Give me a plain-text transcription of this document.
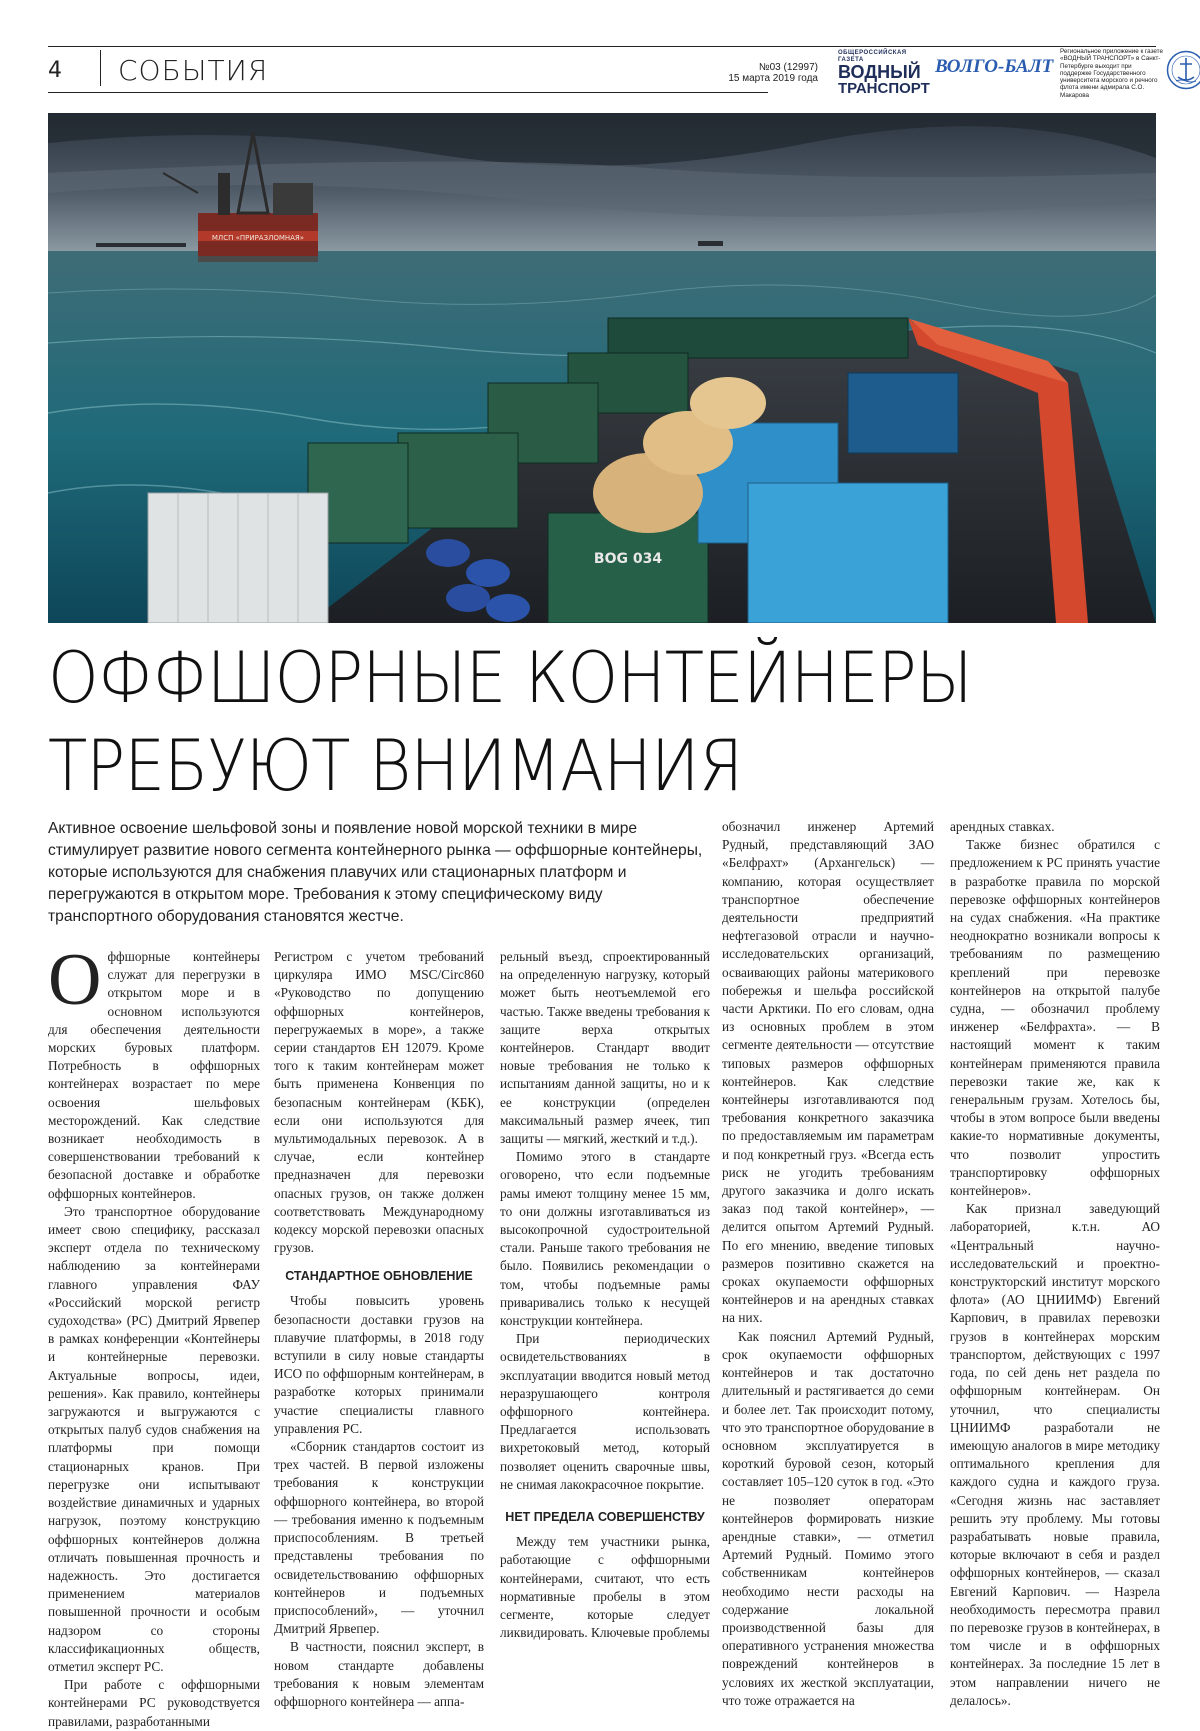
4 СОБЫТИЯ	№03 (12997)
15 марта 2019 года
ОБЩЕРОССИЙСКАЯ ГАЗЕТА
ВОДНЫЙ
ТРАНСПОРТ
ВОЛГО-БАЛТ
Региональное приложение к газете «ВОДНЫЙ ТРАНСПОРТ» в Санкт-Петербурге выходит при поддержке Государственного университета морского и речного флота имени адмирала С.О. Макарова
МЛСП «ПРИРАЗЛОМНАЯ»
BOG 034
ОФФШОРНЫЕ КОНТЕЙНЕРЫ
ТРЕБУЮТ ВНИМАНИЯ
Активное освоение шельфовой зоны и появление новой морской техники в мире стимулирует развитие нового сегмента контейнерного рынка — оффшорные контейнеры, которые используются для снабжения плавучих или стационарных платформ и перегружаются в открытом море. Требования к этому специфическому виду транспортного оборудования становятся жестче.

Оффшорные контейнеры служат для перегрузки в открытом море и в основном используются для обеспечения деятельности морских буровых платформ. Потребность в оффшорных контейнерах возрастает по мере освоения шельфовых месторождений. Как следствие возникает необходимость в совершенствовании требований к безопасной доставке и обработке оффшорных контейнеров.

Это транспортное оборудование имеет свою специфику, рассказал эксперт отдела по техническому наблюдению за контейнерами главного управления ФАУ «Российский морской регистр судоходства» (РС) Дмитрий Ярвепер в рамках конференции «Контейнеры и контейнерные перевозки. Актуальные вопросы, идеи, решения». Как правило, контейнеры загружаются и выгружаются с открытых палуб судов снабжения на платформы при помощи стационарных кранов. При перегрузке они испытывают воздействие динамичных и ударных нагрузок, поэтому конструкцию оффшорных контейнеров должна отличать повышенная прочность и надежность. Это достигается применением материалов повышенной прочности и особым надзором со стороны классификационных обществ, отметил эксперт РС.

При работе с оффшорными контейнерами РС руководствуется правилами, разработанными

Регистром с учетом требований циркуляра ИМО MSC/Circ860 «Руководство по допущению оффшорных контейнеров, перегружаемых в море», а также серии стандартов ЕН 12079. Кроме того к таким контейнерам может быть применена Конвенция по безопасным контейнерам (КБК), если они используются для мультимодальных перевозок. А в случае, если контейнер предназначен для перевозки опасных грузов, он также должен соответствовать Международному кодексу морской перевозки опасных грузов.

СТАНДАРТНОЕ ОБНОВЛЕНИЕ

Чтобы повысить уровень безопасности доставки грузов на плавучие платформы, в 2018 году вступили в силу новые стандарты ИСО по оффшорным контейнерам, в разработке которых принимали участие специалисты главного управления РС.

«Сборник стандартов состоит из трех частей. В первой изложены требования к конструкции оффшорного контейнера, во второй — требования именно к подъемным приспособлениям. В третьей представлены требования по освидетельствованию оффшорных контейнеров и подъемных приспособлений», — уточнил Дмитрий Ярвепер.

В частности, пояснил эксперт, в новом стандарте добавлены требования к новым элементам оффшорного контейнера — аппа-

рельный въезд, спроектированный на определенную нагрузку, который может быть неотъемлемой его частью. Также введены требования к защите верха открытых контейнеров. Стандарт вводит новые требования не только к испытаниям данной защиты, но и к ее конструкции (определен максимальный размер ячеек, тип защиты — мягкий, жесткий и т.д.).

Помимо этого в стандарте оговорено, что если подъемные рамы имеют толщину менее 15 мм, то они должны изготавливаться из высокопрочной судостроительной стали. Раньше такого требования не было. Появились рекомендации о том, чтобы подъемные рамы приваривались только к несущей конструкции контейнера.

При периодических освидетельствованиях в эксплуатации вводится новый метод неразрушающего контроля оффшорного контейнера. Предлагается использовать вихретоковый метод, который позволяет оценить сварочные швы, не снимая лакокрасочное покрытие.

НЕТ ПРЕДЕЛА СОВЕРШЕНСТВУ

Между тем участники рынка, работающие с оффшорными контейнерами, считают, что есть нормативные пробелы в этом сегменте, которые следует ликвидировать. Ключевые проблемы

обозначил инженер Артемий Рудный, представляющий ЗАО «Белфрахт» (Архангельск) — компанию, которая осуществляет транспортное обеспечение деятельности предприятий нефтегазовой отрасли и научно-исследовательских организаций, осваивающих районы материкового побережья и шельфа российской части Арктики. По его словам, одна из основных проблем в этом сегменте деятельности — отсутствие типовых размеров оффшорных контейнеров. Как следствие контейнеры изготавливаются под требования конкретного заказчика по предоставляемым им параметрам и под конкретный груз. «Всегда есть риск не угодить требованиям другого заказчика и долго искать заказ под такой контейнер», — делится опытом Артемий Рудный. По его мнению, введение типовых размеров позитивно скажется на сроках окупаемости оффшорных контейнеров и на арендных ставках на них.

Как пояснил Артемий Рудный, срок окупаемости оффшорных контейнеров и так достаточно длительный и растягивается до семи и более лет. Так происходит потому, что это транспортное оборудование в основном эксплуатируется в короткий буровой сезон, который составляет 105–120 суток в год. «Это не позволяет операторам контейнеров формировать низкие арендные ставки», — отметил Артемий Рудный. Помимо этого собственникам контейнеров необходимо нести расходы на содержание локальной производственной базы для оперативного устранения множества повреждений контейнеров в условиях их жесткой эксплуатации, что тоже отражается на

арендных ставках.

Также бизнес обратился с предложением к РС принять участие в разработке правила по морской перевозке оффшорных контейнеров на судах снабжения. «На практике неоднократно возникали вопросы к требованиям по размещению креплений при перевозке контейнеров на открытой палубе судна, — обозначил проблему инженер «Белфрахта». — В настоящий момент к таким контейнерам применяются правила перевозки такие же, как к генеральным грузам. Хотелось бы, чтобы в этом вопросе были введены какие-то нормативные документы, что позволит упростить транспортировку оффшорных контейнеров».

Как признал заведующий лабораторией, к.т.н. АО «Центральный научно-исследовательский и проектно-конструкторский институт морского флота» (АО ЦНИИМФ) Евгений Карпович, в правилах перевозки грузов в контейнерах морским транспортом, действующих с 1997 года, по сей день нет раздела по оффшорным контейнерам. Он уточнил, что специалисты ЦНИИМФ разработали не имеющую аналогов в мире методику оптимального крепления для каждого судна и каждого груза. «Сегодня жизнь нас заставляет решить эту проблему. Мы готовы разрабатывать новые правила, которые включают в себя и раздел оффшорных контейнеров, — сказал Евгений Карпович. — Назрела необходимость пересмотра правил по перевозке грузов в контейнерах, в том числе и в оффшорных контейнерах. За последние 15 лет в этом направлении ничего не делалось».
